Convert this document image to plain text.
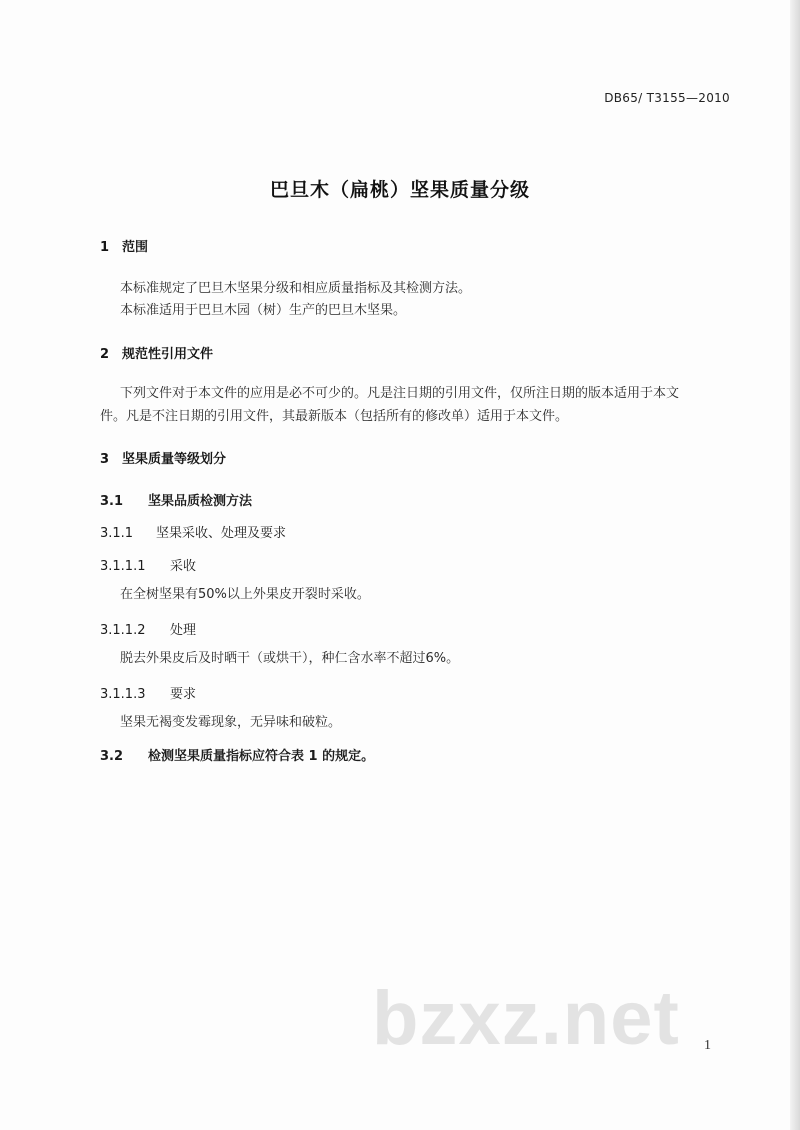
DB65/ T3155—2010
巴旦木（扁桃）坚果质量分级
1 范围
本标准规定了巴旦木坚果分级和相应质量指标及其检测方法。
本标准适用于巴旦木园（树）生产的巴旦木坚果。
2 规范性引用文件
下列文件对于本文件的应用是必不可少的。凡是注日期的引用文件，仅所注日期的版本适用于本文
件。凡是不注日期的引用文件，其最新版本（包括所有的修改单）适用于本文件。
3 坚果质量等级划分
3.1 坚果品质检测方法
3.1.1 坚果采收、处理及要求
3.1.1.1 采收
在全树坚果有50%以上外果皮开裂时采收。
3.1.1.2 处理
脱去外果皮后及时晒干（或烘干），种仁含水率不超过6%。
3.1.1.3 要求
坚果无褐变发霉现象，无异味和破粒。
3.2 检测坚果质量指标应符合表 1 的规定。
bzxz.net 1
